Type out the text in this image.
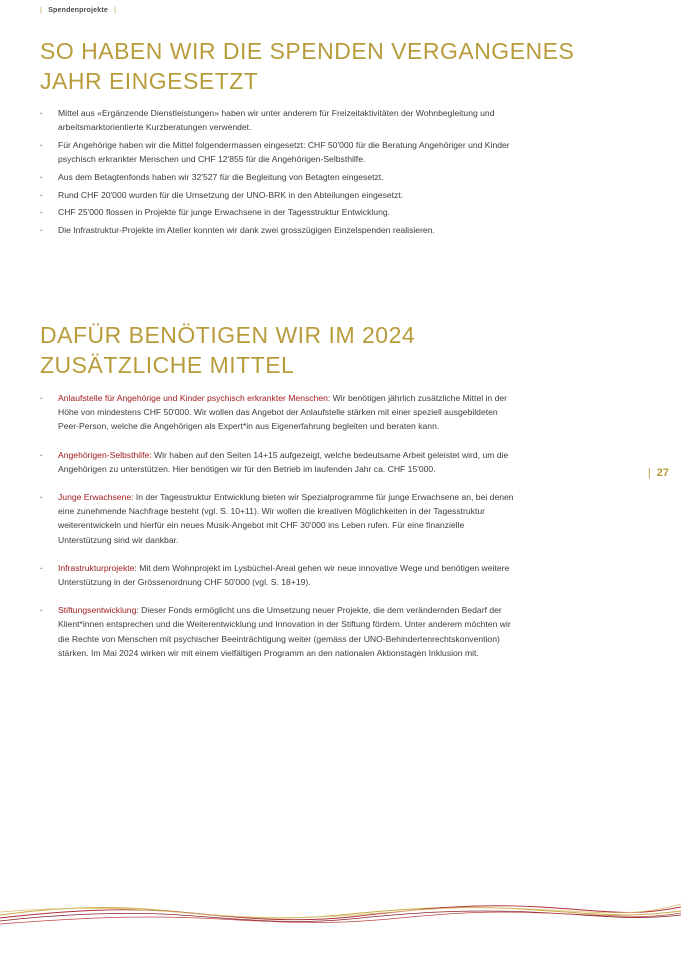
| Spendenprojekte |
SO HABEN WIR DIE SPENDEN VERGANGENES
JAHR EINGESETZT
· Mittel aus «Ergänzende Dienstleistungen» haben wir unter anderem für Freizeitaktivitäten der Wohnbegleitung und arbeitsmarktorientierte Kurzberatungen verwendet.
· Für Angehörige haben wir die Mittel folgendermassen eingesetzt: CHF 50'000 für die Beratung Angehöriger und Kinder psychisch erkrankter Menschen und CHF 12'855 für die Angehörigen-Selbsthilfe.
· Aus dem Betagtenfonds haben wir 32'527 für die Begleitung von Betagten eingesetzt.
· Rund CHF 20'000 wurden für die Umsetzung der UNO-BRK in den Abteilungen eingesetzt.
· CHF 25'000 flossen in Projekte für junge Erwachsene in der Tagesstruktur Entwicklung.
· Die Infrastruktur-Projekte im Atelier konnten wir dank zwei grosszügigen Einzelspenden realisieren.
DAFÜR BENÖTIGEN WIR IM 2024
ZUSÄTZLICHE MITTEL
· Anlaufstelle für Angehörige und Kinder psychisch erkrankter Menschen: Wir benötigen jährlich zusätzliche Mittel in der Höhe von mindestens CHF 50'000. Wir wollen das Angebot der Anlaufstelle stärken mit einer speziell ausgebildeten Peer-Person, welche die Angehörigen als Expert*in aus Eigenerfahrung begleiten und beraten kann.
· Angehörigen-Selbsthilfe: Wir haben auf den Seiten 14+15 aufgezeigt, welche bedeutsame Arbeit geleistet wird, um die Angehörigen zu unterstützen. Hier benötigen wir für den Betrieb im laufenden Jahr ca. CHF 15'000.
· Junge Erwachsene: In der Tagesstruktur Entwicklung bieten wir Spezialprogramme für junge Erwachsene an, bei denen eine zunehmende Nachfrage besteht (vgl. S. 10+11). Wir wollen die kreativen Möglichkeiten in der Tagesstruktur weiterentwickeln und hierfür ein neues Musik-Angebot mit CHF 30'000 ins Leben rufen. Für eine finanzielle Unterstützung sind wir dankbar.
· Infrastrukturprojekte: Mit dem Wohnprojekt im Lysbüchel-Areal gehen wir neue innovative Wege und benötigen weitere Unterstützung in der Grössenordnung CHF 50'000 (vgl. S. 18+19).
· Stiftungsentwicklung: Dieser Fonds ermöglicht uns die Umsetzung neuer Projekte, die dem verändernden Bedarf der Klient*innen entsprechen und die Weiterentwicklung und Innovation in der Stiftung fördern. Unter anderem möchten wir die Rechte von Menschen mit psychischer Beeinträchtigung weiter (gemäss der UNO-Behindertenrechtskonvention) stärken. Im Mai 2024 wirken wir mit einem vielfältigen Programm an den nationalen Aktionstagen Inklusion mit.
| 27
